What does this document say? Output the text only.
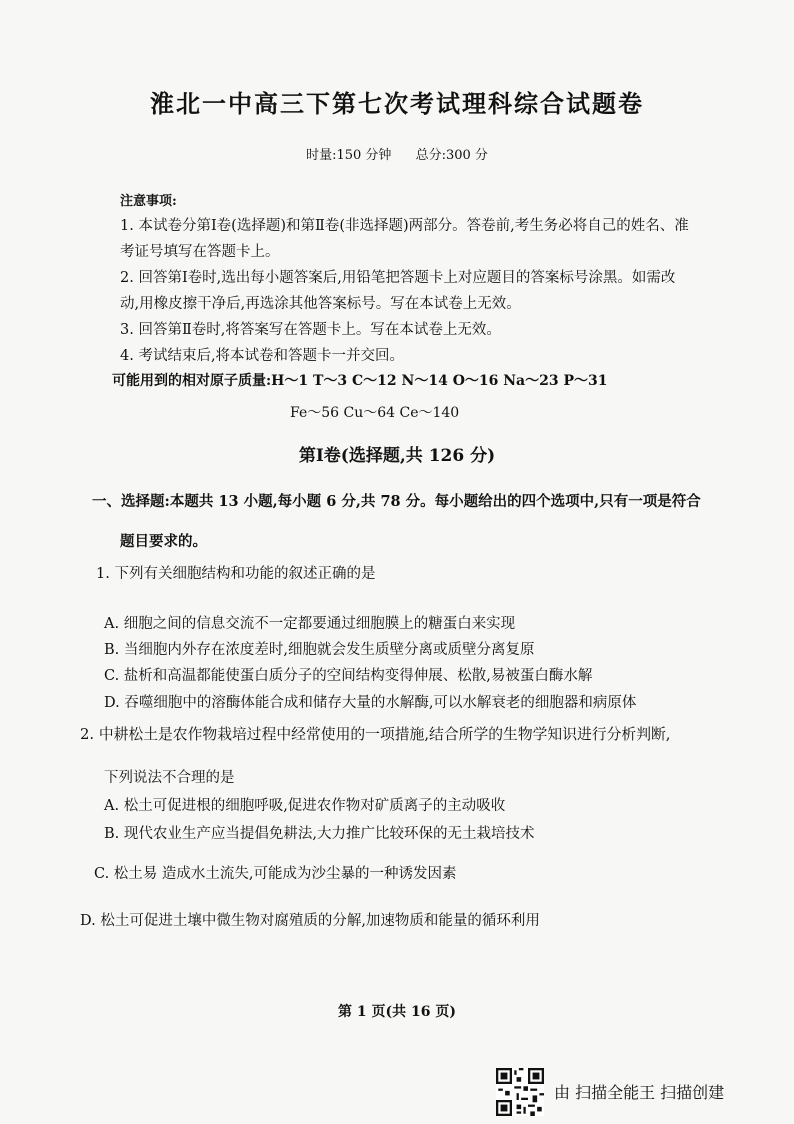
淮北一中高三下第七次考试理科综合试题卷
时量:150 分钟 总分:300 分
注意事项:
1. 本试卷分第Ⅰ卷(选择题)和第Ⅱ卷(非选择题)两部分。答卷前,考生务必将自己的姓名、准
考证号填写在答题卡上。
2. 回答第Ⅰ卷时,选出每小题答案后,用铅笔把答题卡上对应题目的答案标号涂黑。如需改
动,用橡皮擦干净后,再选涂其他答案标号。写在本试卷上无效。
3. 回答第Ⅱ卷时,将答案写在答题卡上。写在本试卷上无效。
4. 考试结束后,将本试卷和答题卡一并交回。
可能用到的相对原子质量:H～1 T～3 C～12 N～14 O～16 Na～23 P～31
Fe～56 Cu～64 Ce～140
第Ⅰ卷(选择题,共 126 分)
一、选择题:本题共 13 小题,每小题 6 分,共 78 分。每小题给出的四个选项中,只有一项是符合
题目要求的。
1. 下列有关细胞结构和功能的叙述正确的是
A. 细胞之间的信息交流不一定都要通过细胞膜上的糖蛋白来实现
B. 当细胞内外存在浓度差时,细胞就会发生质壁分离或质壁分离复原
C. 盐析和高温都能使蛋白质分子的空间结构变得伸展、松散,易被蛋白酶水解
D. 吞噬细胞中的溶酶体能合成和储存大量的水解酶,可以水解衰老的细胞器和病原体
2. 中耕松土是农作物栽培过程中经常使用的一项措施,结合所学的生物学知识进行分析判断,
下列说法不合理的是
A. 松土可促进根的细胞呼吸,促进农作物对矿质离子的主动吸收
B. 现代农业生产应当提倡免耕法,大力推广比较环保的无土栽培技术
C. 松土易 造成水土流失,可能成为沙尘暴的一种诱发因素
D. 松土可促进土壤中微生物对腐殖质的分解,加速物质和能量的循环利用
第 1 页(共 16 页)
由 扫描全能王 扫描创建
